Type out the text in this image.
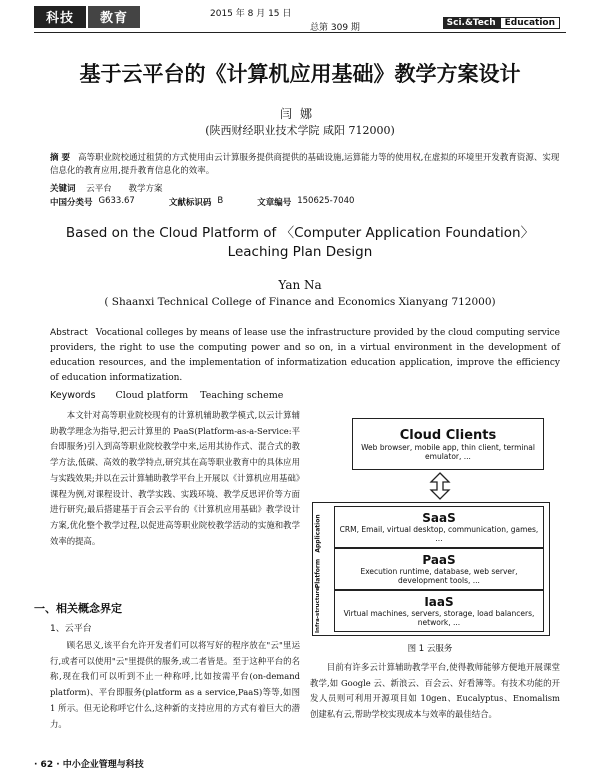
科技	教育	2015 年 8 月 15 日
总第 309 期	Sci.&Tech	Education
基于云平台的《计算机应用基础》教学方案设计
闫娜
(陕西财经职业技术学院 咸阳 712000)
摘 要 高等职业院校通过租赁的方式使用由云计算服务提供商提供的基础设施,运算能力等的使用权,在虚拟的环境里开发教育资源、实现信息化的教育应用,提升教育信息化的效率。
关键词 云平台 教学方案
中国分类号 G633.67	文献标识码 B	文章编号 150625-7040
Based on the Cloud Platform of 〈Computer Application Foundation〉
Leaching Plan Design
Yan Na
( Shaanxi Technical College of Finance and Economics Xianyang 712000)
Abstract Vocational colleges by means of lease use the infrastructure provided by the cloud computing service providers, the right to use the computing power and so on, in a virtual environment in the development of education resources, and the implementation of informatization education application, improve the efficiency of education informatization.
Keywords Cloud platform Teaching scheme

本文针对高等职业院校现有的计算机辅助教学模式,以云计算辅助教学理念为指导,把云计算里的 PaaS(Platform-as-a-Service:平台即服务)引入到高等职业院校教学中来,运用其协作式、混合式的教学方法,低碳、高效的教学特点,研究其在高等职业教育中的具体应用与实践效果;并以在云计算辅助教学平台上开展以《计算机应用基础》课程为例,对课程设计、教学实践、实践环境、教学反思评价等方面进行研究;最后搭建基于百会云平台的《计算机应用基础》教学设计方案,优化整个教学过程,以促进高等职业院校教学活动的实施和教学效率的提高。

一、相关概念界定
1、云平台

顾名思义,该平台允许开发者们可以将写好的程序放在"云"里运行,或者可以使用"云"里提供的服务,或二者皆是。至于这种平台的名称,现在我们可以听到不止一种称呼,比如按需平台(on-demand platform)、平台即服务(platform as a service,PaaS)等等,如图 1 所示。但无论称呼它什么,这种新的支持应用的方式有着巨大的潜力。

Cloud Clients
Web browser, mobile app, thin client, terminal emulator, ...
Application
Platform
Infra-structure
SaaS
CRM, Email, virtual desktop, communication, games, ...
PaaS
Execution runtime, database, web server, development tools, ...
IaaS
Virtual machines, servers, storage, load balancers, network, ...
图 1 云服务

目前有许多云计算辅助教学平台,使得教师能够方便地开展课堂教学,如 Google 云、新浪云、百会云、好看簿等。有技术功能的开发人员则可利用开源项目如 10gen、Eucalyptus、Enomalism 创建私有云,帮助学校实现成本与效率的最佳结合。

· 62 · 中小企业管理与科技
